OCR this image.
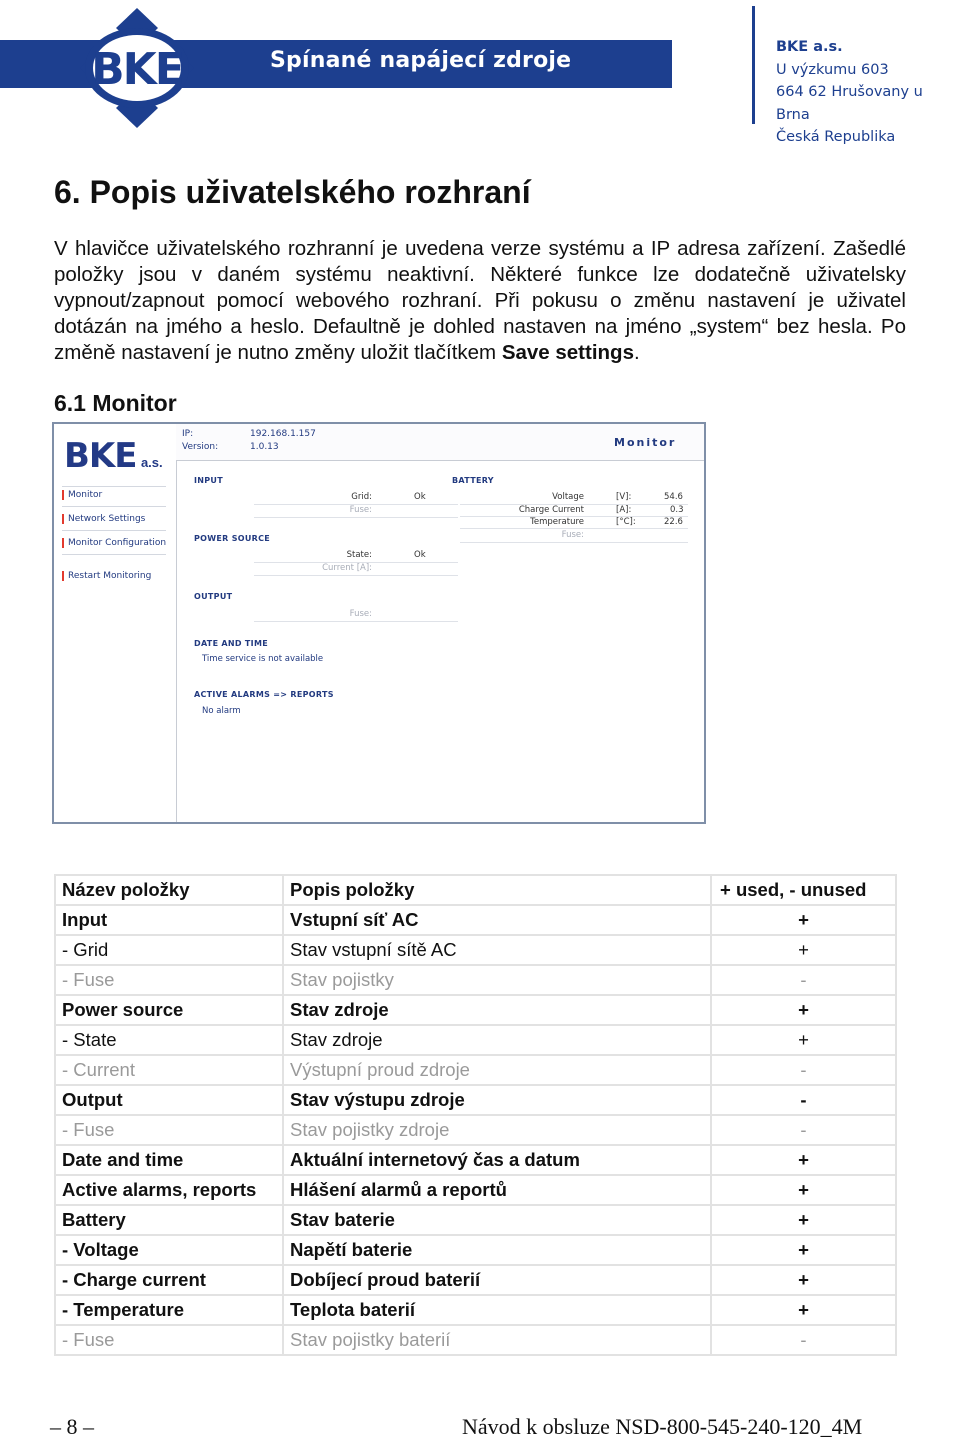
BKE	Spínané napájecí zdroje
BKE a.s.
U výzkumu 603
664 62 Hrušovany u Brna
Česká Republika
6. Popis uživatelského rozhraní
V hlavičce uživatelského rozhranní je uvedena verze systému a IP adresa zařízení. Zašedlé položky jsou v daném systému neaktivní. Některé funkce lze dodatečně uživatelsky vypnout/zapnout pomocí webového rozhraní. Při pokusu o změnu nastavení je uživatel dotázán na jmého a heslo. Defaultně je dohled nastaven na jméno „system“ bez hesla. Po změně nastavení je nutno změny uložit tlačítkem Save settings.
6.1 Monitor
BKE a.s.
Monitor
Network Settings
Monitor Configuration
Restart Monitoring
IP:	192.168.1.157
Version:	1.0.13	Monitor
INPUT
Grid:	Ok
Fuse:
POWER SOURCE
State:	Ok
Current [A]:
OUTPUT
Fuse:
DATE AND TIME
Time service is not available
ACTIVE ALARMS => REPORTS
No alarm
BATTERY
Voltage	[V]:	54.6
Charge Current	[A]:	0.3
Temperature	[°C]:	22.6
Fuse:
Název položky	Popis položky	+ used, - unused
Input	Vstupní síť AC	+
- Grid	Stav vstupní sítě AC	+
- Fuse	Stav pojistky	-
Power source	Stav zdroje	+
- State	Stav zdroje	+
- Current	Výstupní proud zdroje	-
Output	Stav výstupu zdroje	-
- Fuse	Stav pojistky zdroje	-
Date and time	Aktuální internetový čas a datum	+
Active alarms, reports	Hlášení alarmů a reportů	+
Battery	Stav baterie	+
- Voltage	Napětí baterie	+
- Charge current	Dobíjecí proud baterií	+
- Temperature	Teplota baterií	+
- Fuse	Stav pojistky baterií	-
– 8 –	Návod k obsluze NSD-800-545-240-120_4M
